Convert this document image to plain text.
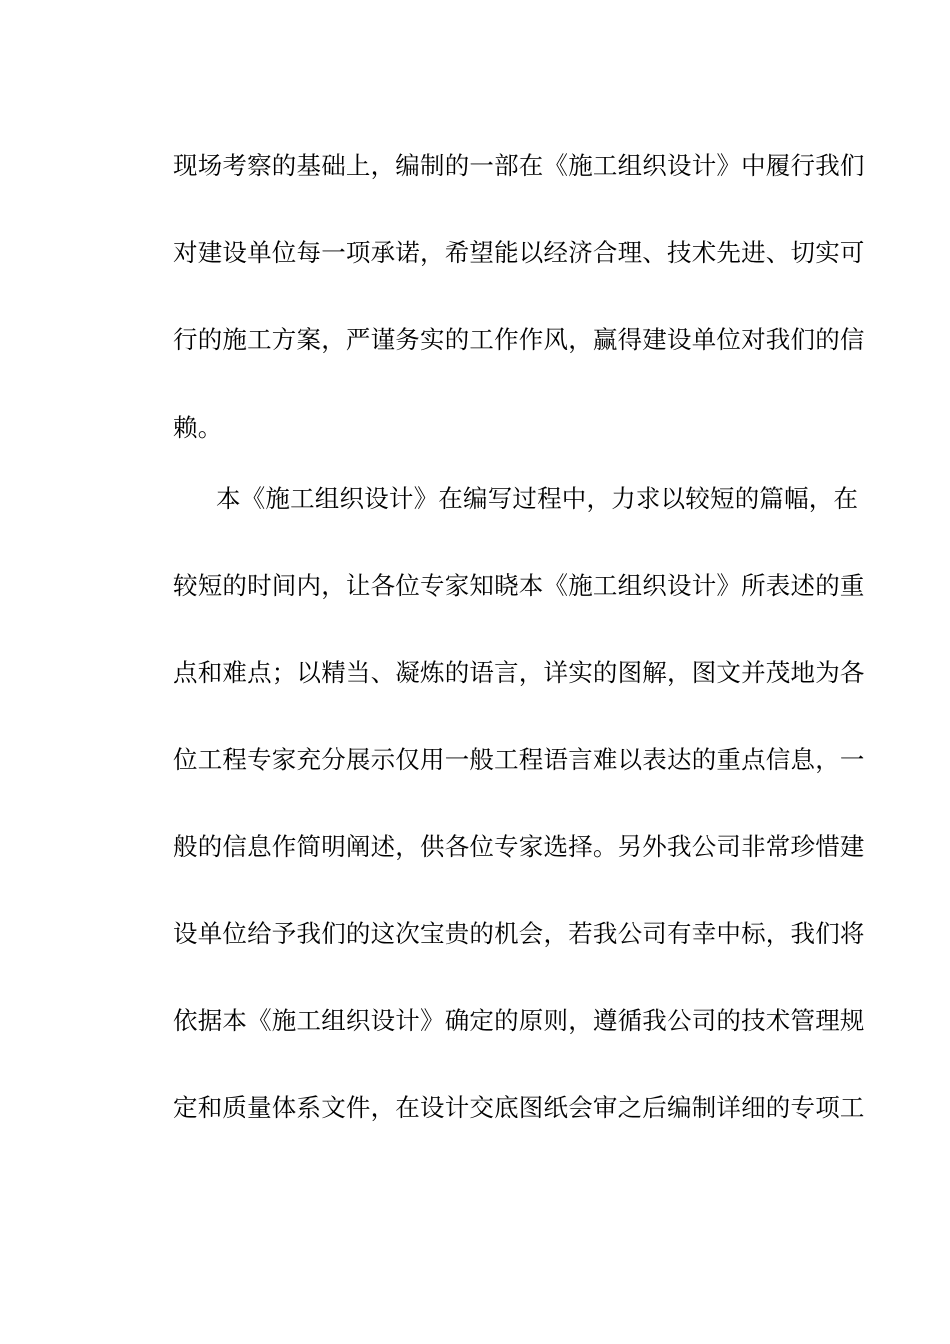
现场考察的基础上，编制的一部在《施工组织设计》中履行我们
对建设单位每一项承诺，希望能以经济合理、技术先进、切实可
行的施工方案，严谨务实的工作作风，赢得建设单位对我们的信
赖。
本《施工组织设计》在编写过程中，力求以较短的篇幅，在
较短的时间内，让各位专家知晓本《施工组织设计》所表述的重
点和难点；以精当、凝炼的语言，详实的图解，图文并茂地为各
位工程专家充分展示仅用一般工程语言难以表达的重点信息，一
般的信息作简明阐述，供各位专家选择。另外我公司非常珍惜建
设单位给予我们的这次宝贵的机会，若我公司有幸中标，我们将
依据本《施工组织设计》确定的原则，遵循我公司的技术管理规
定和质量体系文件，在设计交底图纸会审之后编制详细的专项工
